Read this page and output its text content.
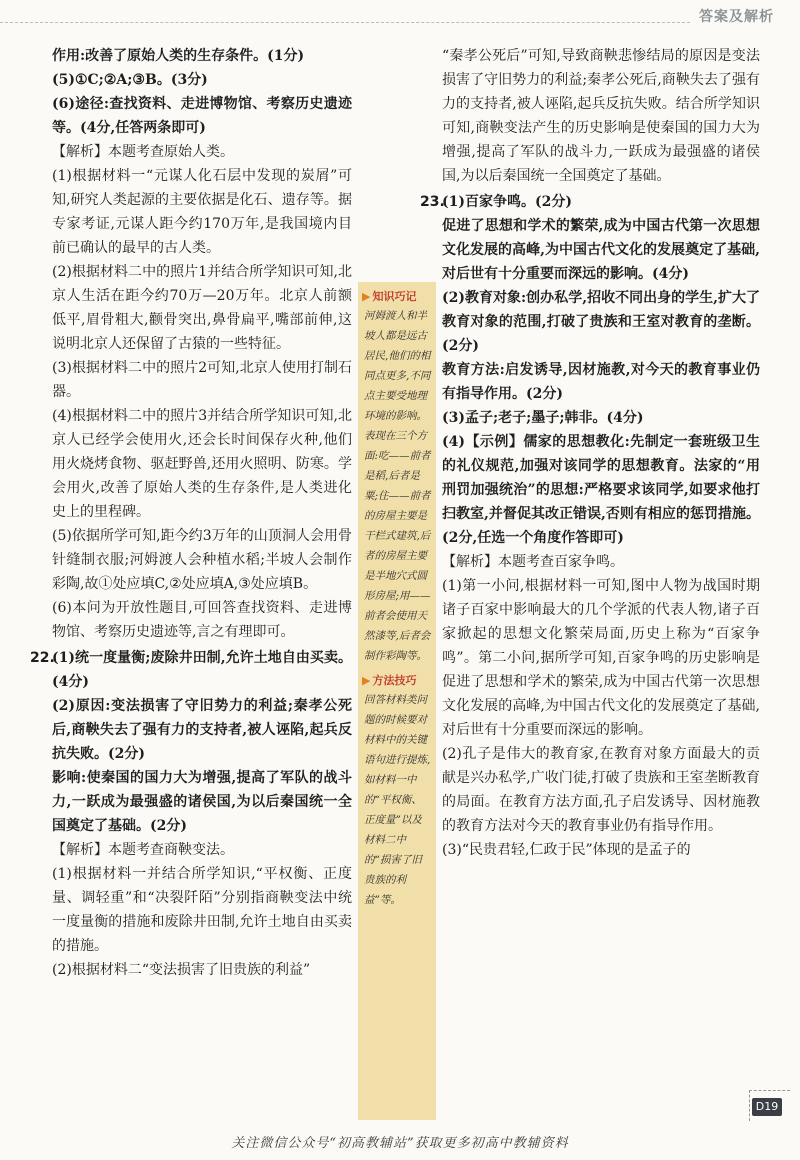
答案及解析

作用:改善了原始人类的生存条件。(1分)

(5)①C;②A;③B。(3分)

(6)途径:查找资料、走进博物馆、考察历史遗迹等。(4分,任答两条即可)

【解析】本题考查原始人类。

(1)根据材料一“元谋人化石层中发现的炭屑”可知,研究人类起源的主要依据是化石、遗存等。据专家考证,元谋人距今约170万年,是我国境内目前已确认的最早的古人类。

(2)根据材料二中的照片1并结合所学知识可知,北京人生活在距今约70万—20万年。北京人前额低平,眉骨粗大,颧骨突出,鼻骨扁平,嘴部前伸,这说明北京人还保留了古猿的一些特征。

(3)根据材料二中的照片2可知,北京人使用打制石器。

(4)根据材料二中的照片3并结合所学知识可知,北京人已经学会使用火,还会长时间保存火种,他们用火烧烤食物、驱赶野兽,还用火照明、防寒。学会用火,改善了原始人类的生存条件,是人类进化史上的里程碑。

(5)依据所学可知,距今约3万年的山顶洞人会用骨针缝制衣服;河姆渡人会种植水稻;半坡人会制作彩陶,故①处应填C,②处应填A,③处应填B。

(6)本问为开放性题目,可回答查找资料、走进博物馆、考察历史遗迹等,言之有理即可。

22.(1)统一度量衡;废除井田制,允许土地自由买卖。(4分)

(2)原因:变法损害了守旧势力的利益;秦孝公死后,商鞅失去了强有力的支持者,被人诬陷,起兵反抗失败。(2分)

影响:使秦国的国力大为增强,提高了军队的战斗力,一跃成为最强盛的诸侯国,为以后秦国统一全国奠定了基础。(2分)

【解析】本题考查商鞅变法。

(1)根据材料一并结合所学知识,“平权衡、正度量、调轻重”和“决裂阡陌”分别指商鞅变法中统一度量衡的措施和废除井田制,允许土地自由买卖的措施。

(2)根据材料二“变法损害了旧贵族的利益”

▶ 知识巧记
河姆渡人和半坡人都是远古居民,他们的相同点更多,不同点主要受地理环境的影响。表现在三个方面:吃——前者是稻,后者是粟;住——前者的房屋主要是干栏式建筑,后者的房屋主要是半地穴式圆形房屋;用——前者会使用天然漆等,后者会制作彩陶等。
▶ 方法技巧
回答材料类问题的时候要对材料中的关键语句进行提炼,如材料一中的“平权衡、正度量”以及材料二中的“损害了旧贵族的利益”等。

“秦孝公死后”可知,导致商鞅悲惨结局的原因是变法损害了守旧势力的利益;秦孝公死后,商鞅失去了强有力的支持者,被人诬陷,起兵反抗失败。结合所学知识可知,商鞅变法产生的历史影响是使秦国的国力大为增强,提高了军队的战斗力,一跃成为最强盛的诸侯国,为以后秦国统一全国奠定了基础。

23.(1)百家争鸣。(2分)

促进了思想和学术的繁荣,成为中国古代第一次思想文化发展的高峰,为中国古代文化的发展奠定了基础,对后世有十分重要而深远的影响。(4分)

(2)教育对象:创办私学,招收不同出身的学生,扩大了教育对象的范围,打破了贵族和王室对教育的垄断。(2分)

教育方法:启发诱导,因材施教,对今天的教育事业仍有指导作用。(2分)

(3)孟子;老子;墨子;韩非。(4分)

(4)【示例】儒家的思想教化:先制定一套班级卫生的礼仪规范,加强对该同学的思想教育。法家的“用刑罚加强统治”的思想:严格要求该同学,如要求他打扫教室,并督促其改正错误,否则有相应的惩罚措施。(2分,任选一个角度作答即可)

【解析】本题考查百家争鸣。

(1)第一小问,根据材料一可知,图中人物为战国时期诸子百家中影响最大的几个学派的代表人物,诸子百家掀起的思想文化繁荣局面,历史上称为“百家争鸣”。第二小问,据所学可知,百家争鸣的历史影响是促进了思想和学术的繁荣,成为中国古代第一次思想文化发展的高峰,为中国古代文化的发展奠定了基础,对后世有十分重要而深远的影响。

(2)孔子是伟大的教育家,在教育对象方面最大的贡献是兴办私学,广收门徒,打破了贵族和王室垄断教育的局面。在教育方法方面,孔子启发诱导、因材施教的教育方法对今天的教育事业仍有指导作用。

(3)“民贵君轻,仁政于民”体现的是孟子的

D19
关注微信公众号“初高教辅站”获取更多初高中教辅资料
